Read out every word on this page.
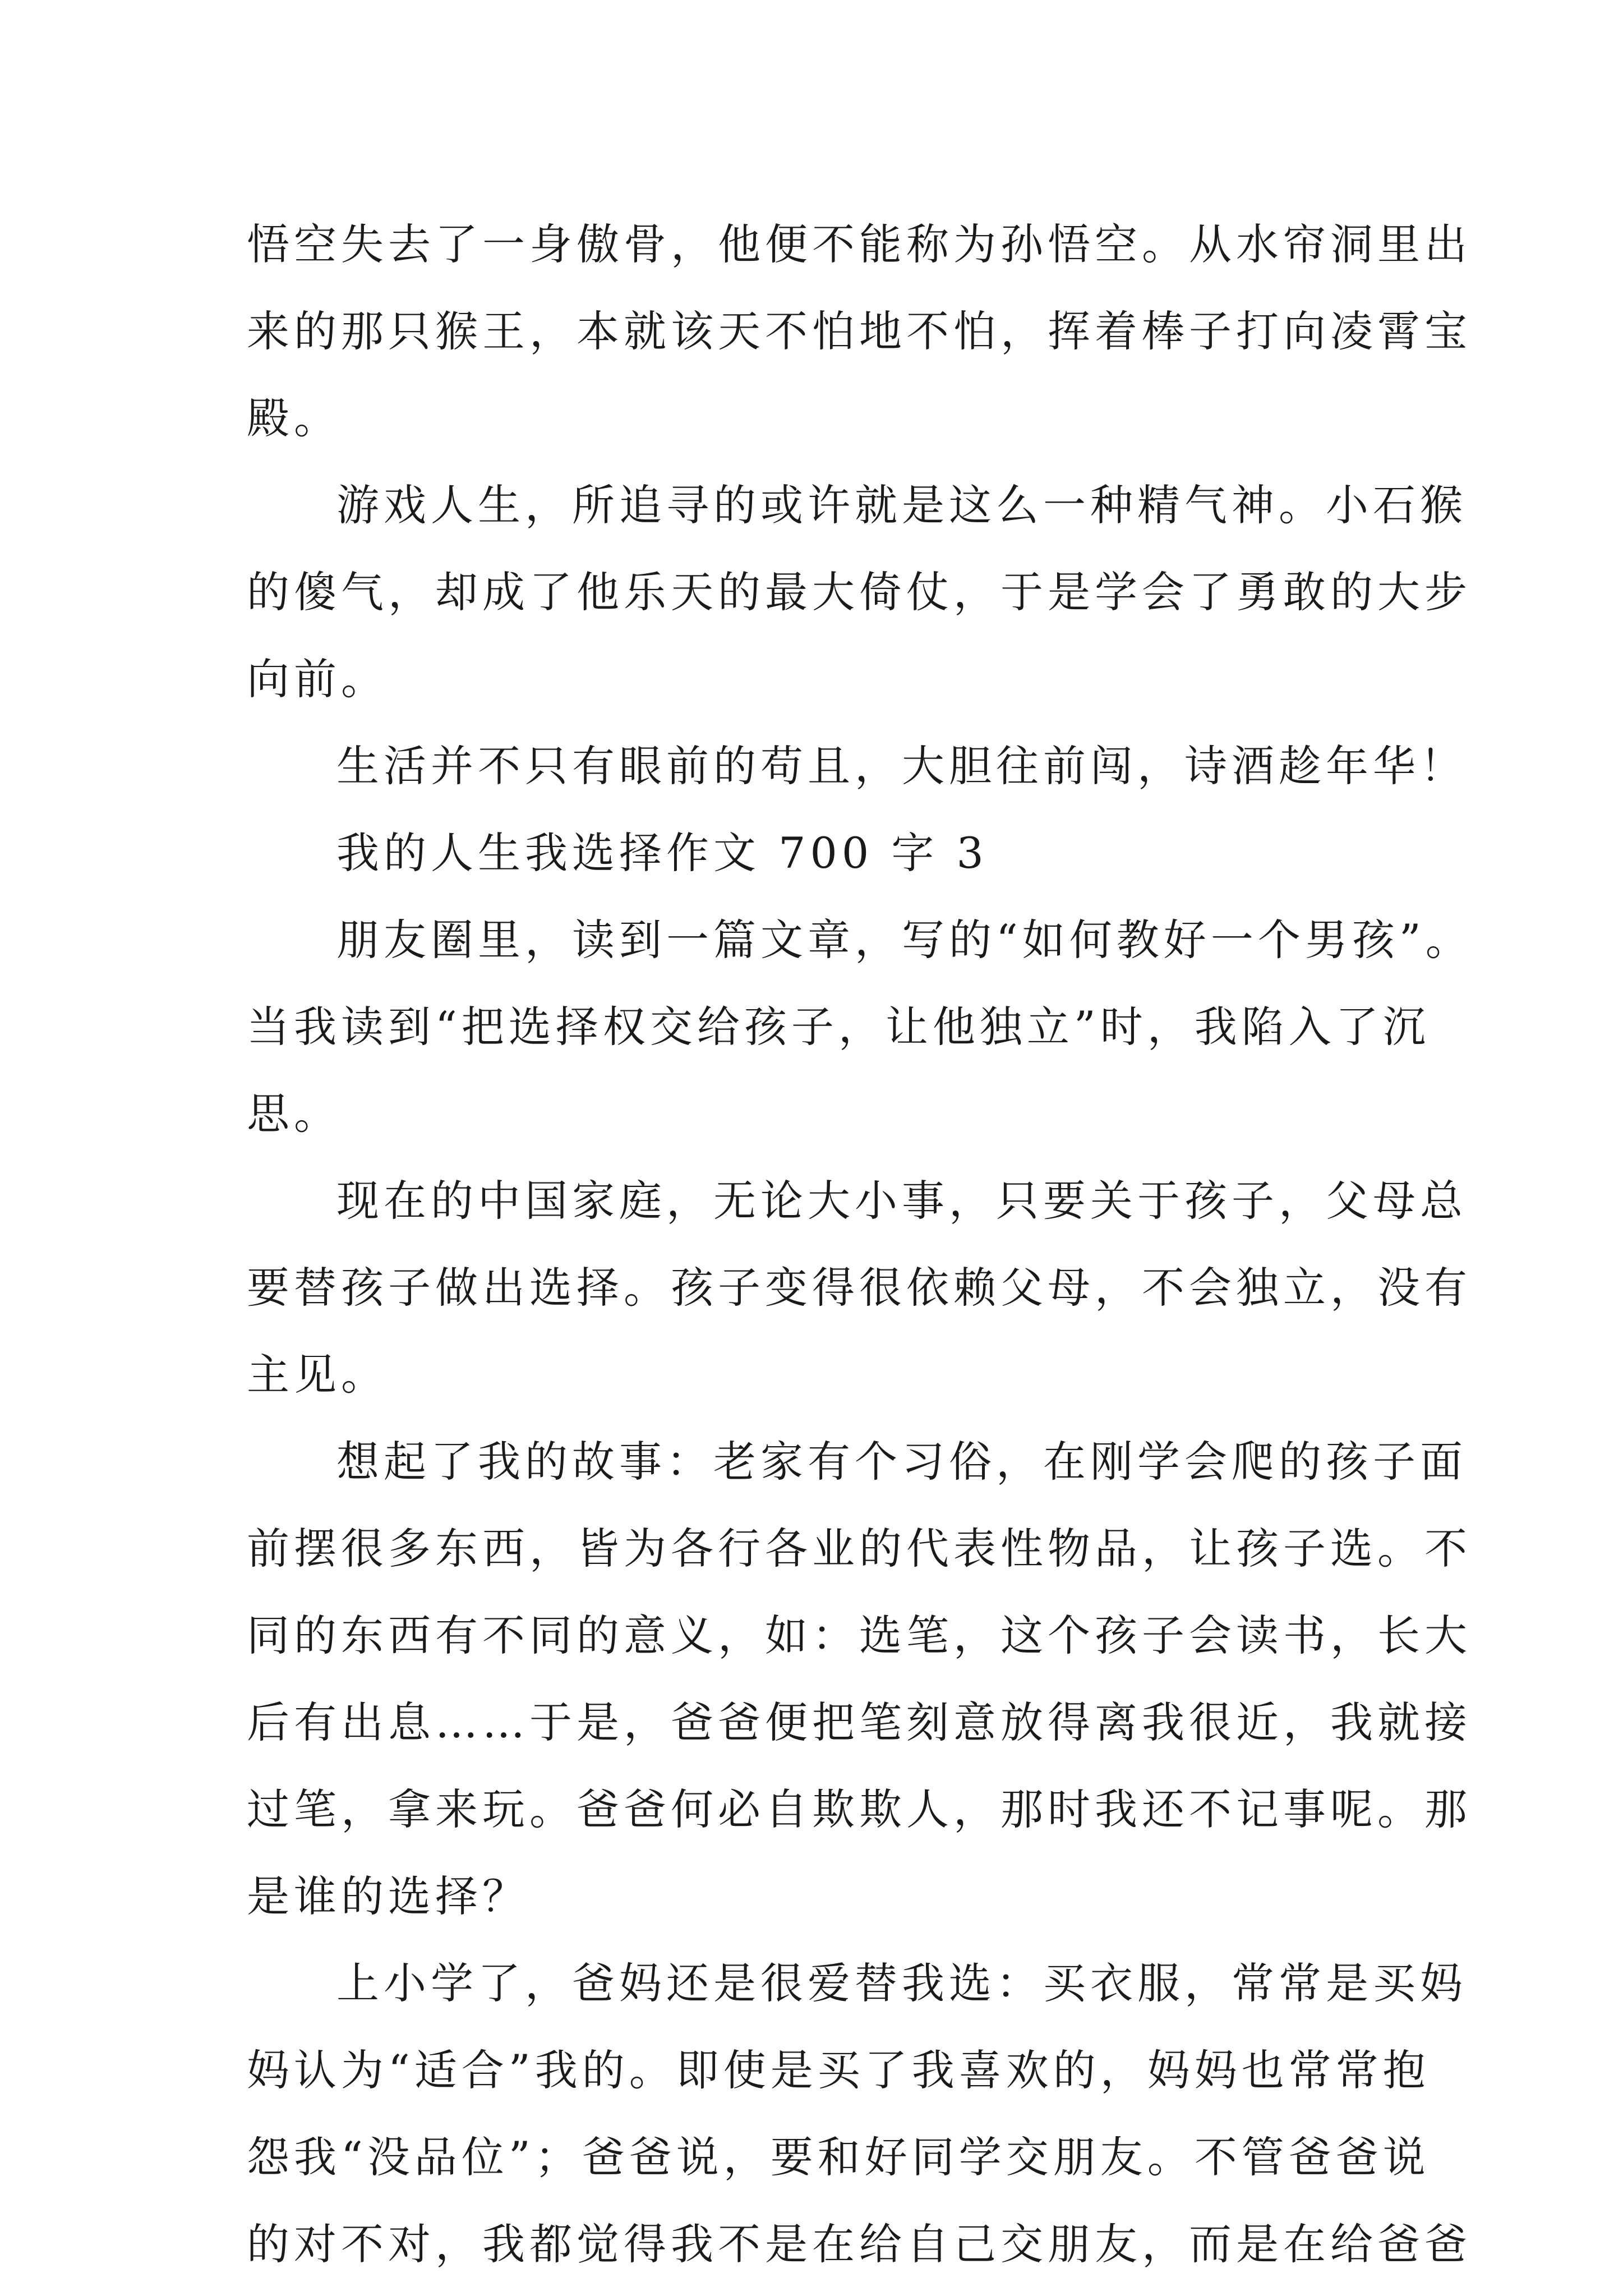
悟空失去了一身傲骨，他便不能称为孙悟空。从水帘洞里出
来的那只猴王，本就该天不怕地不怕，挥着棒子打向凌霄宝
殿。
游戏人生，所追寻的或许就是这么一种精气神。小石猴
的傻气，却成了他乐天的最大倚仗，于是学会了勇敢的大步
向前。
生活并不只有眼前的苟且，大胆往前闯，诗酒趁年华！
我的人生我选择作文 700 字 3
朋友圈里，读到一篇文章，写的“如何教好一个男孩”。
当我读到“把选择权交给孩子，让他独立”时，我陷入了沉
思。
现在的中国家庭，无论大小事，只要关于孩子，父母总
要替孩子做出选择。孩子变得很依赖父母，不会独立，没有
主见。
想起了我的故事：老家有个习俗，在刚学会爬的孩子面
前摆很多东西，皆为各行各业的代表性物品，让孩子选。不
同的东西有不同的意义，如：选笔，这个孩子会读书，长大
后有出息……于是，爸爸便把笔刻意放得离我很近，我就接
过笔，拿来玩。爸爸何必自欺欺人，那时我还不记事呢。那
是谁的选择？
上小学了，爸妈还是很爱替我选：买衣服，常常是买妈
妈认为“适合”我的。即使是买了我喜欢的，妈妈也常常抱
怨我“没品位”；爸爸说，要和好同学交朋友。不管爸爸说
的对不对，我都觉得我不是在给自己交朋友，而是在给爸爸
